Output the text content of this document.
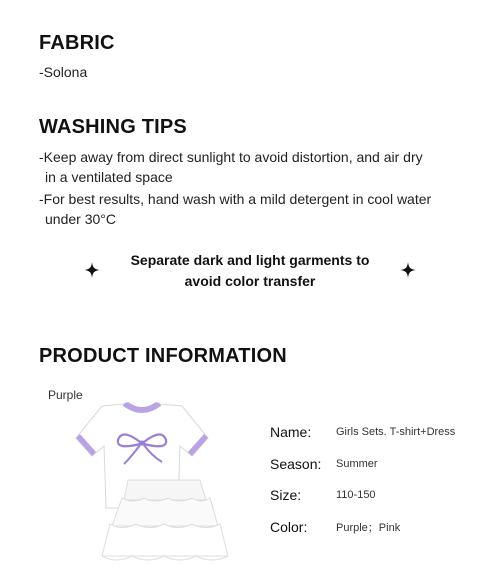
FABRIC
-Solona
WASHING TIPS
-Keep away from direct sunlight to avoid distortion, and air dry
in a ventilated space
-For best results, hand wash with a mild detergent in cool water
under 30°C
Separate dark and light garments to
avoid color transfer
PRODUCT INFORMATION
Purple
Name:	Girls Sets. T-shirt+Dress
Season:	Summer
Size:	110-150
Color:	Purple；Pink
